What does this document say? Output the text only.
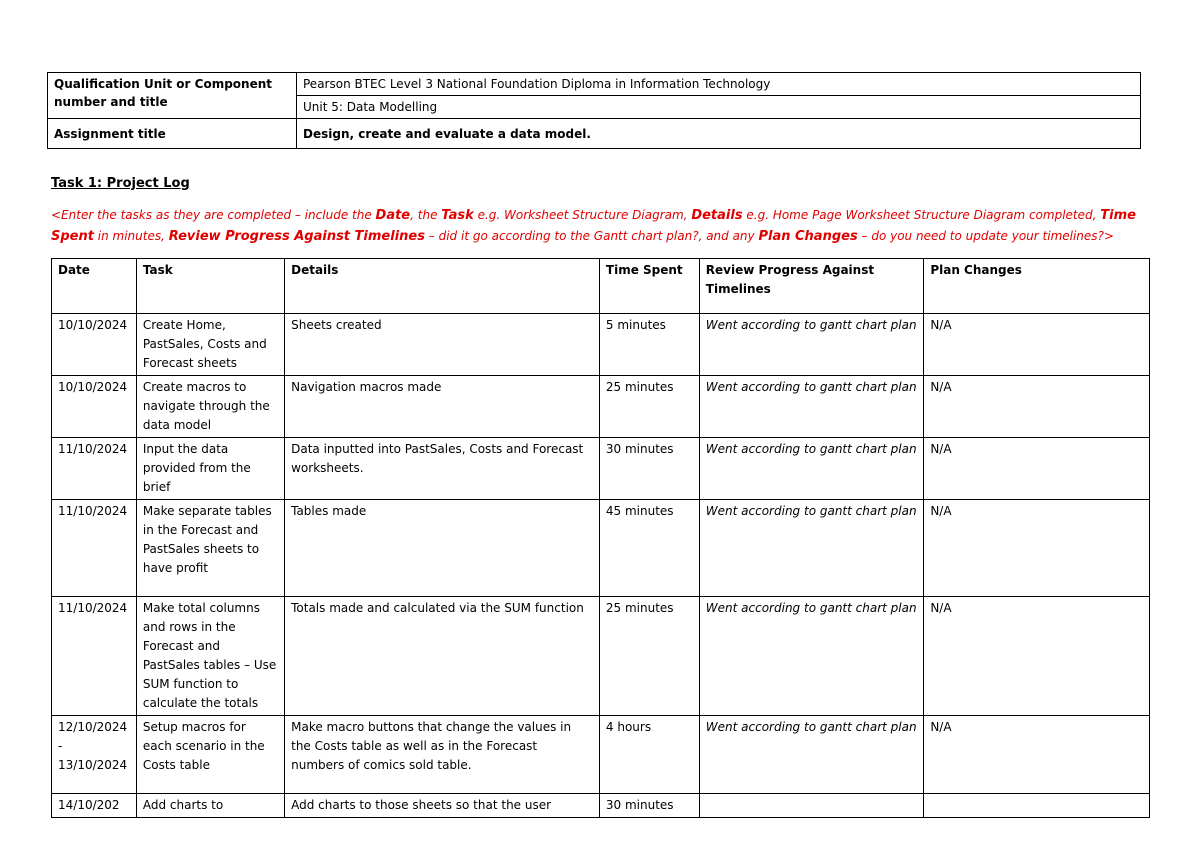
Qualification Unit or Component number and title	Pearson BTEC Level 3 National Foundation Diploma in Information Technology
	Unit 5: Data Modelling
Assignment title	Design, create and evaluate a data model.
Task 1: Project Log
<Enter the tasks as they are completed – include the Date, the Task e.g. Worksheet Structure Diagram, Details e.g. Home Page Worksheet Structure Diagram completed, Time Spent in minutes, Review Progress Against Timelines – did it go according to the Gantt chart plan?, and any Plan Changes – do you need to update your timelines?>
Date	Task	Details	Time Spent	Review Progress Against Timelines	Plan Changes
10/10/2024	Create Home, PastSales, Costs and Forecast sheets	Sheets created	5 minutes	Went according to gantt chart plan	N/A
10/10/2024	Create macros to navigate through the data model	Navigation macros made	25 minutes	Went according to gantt chart plan	N/A
11/10/2024	Input the data provided from the brief	Data inputted into PastSales, Costs and Forecast worksheets.	30 minutes	Went according to gantt chart plan	N/A
11/10/2024	Make separate tables in the Forecast and PastSales sheets to have profit	Tables made	45 minutes	Went according to gantt chart plan	N/A
11/10/2024	Make total columns and rows in the Forecast and PastSales tables – Use SUM function to calculate the totals	Totals made and calculated via the SUM function	25 minutes	Went according to gantt chart plan	N/A
12/10/2024 - 13/10/2024	Setup macros for each scenario in the Costs table	Make macro buttons that change the values in the Costs table as well as in the Forecast numbers of comics sold table.	4 hours	Went according to gantt chart plan	N/A
14/10/202	Add charts to	Add charts to those sheets so that the user	30 minutes		
